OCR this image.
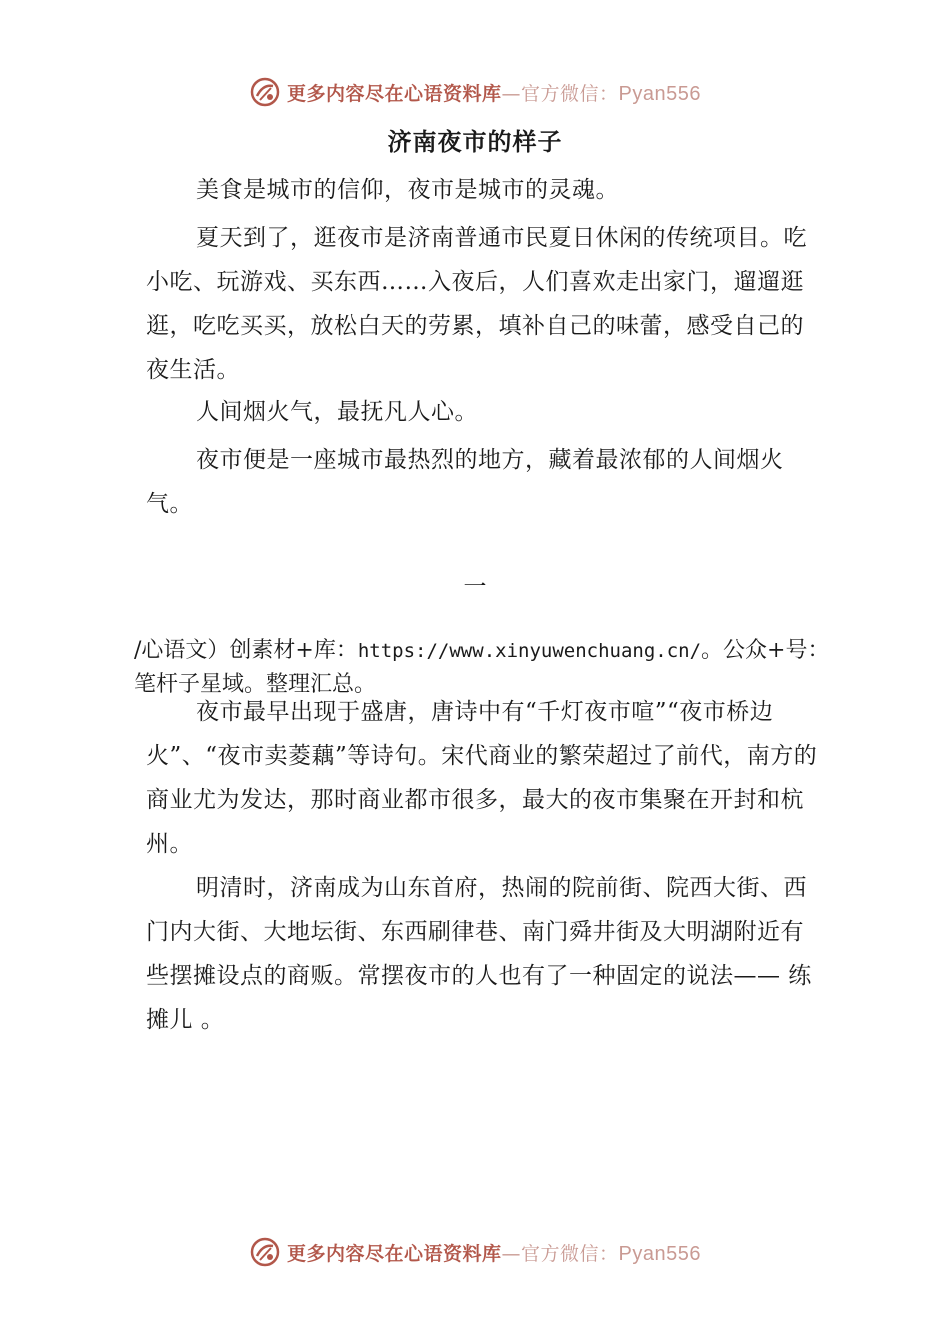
更多内容尽在心语资料库—官方微信：Pyan556
济南夜市的样子

美食是城市的信仰，夜市是城市的灵魂。

夏天到了，逛夜市是济南普通市民夏日休闲的传统项目。吃小吃、玩游戏、买东西……入夜后，人们喜欢走出家门，遛遛逛逛，吃吃买买，放松白天的劳累，填补自己的味蕾，感受自己的夜生活。

人间烟火气，最抚凡人心。

夜市便是一座城市最热烈的地方，藏着最浓郁的人间烟火气。

一

/心语文）创素材+库：https://www.xinyuwenchuang.cn/。公众+号：笔杆子星域。整理汇总。

夜市最早出现于盛唐，唐诗中有“千灯夜市喧”“夜市桥边火”、“夜市卖菱藕”等诗句。宋代商业的繁荣超过了前代，南方的商业尤为发达，那时商业都市很多，最大的夜市集聚在开封和杭州。

明清时，济南成为山东首府，热闹的院前街、院西大街、西门内大街、大地坛街、东西刷律巷、南门舜井街及大明湖附近有些摆摊设点的商贩。常摆夜市的人也有了一种固定的说法—— 练摊儿 。

更多内容尽在心语资料库—官方微信：Pyan556
